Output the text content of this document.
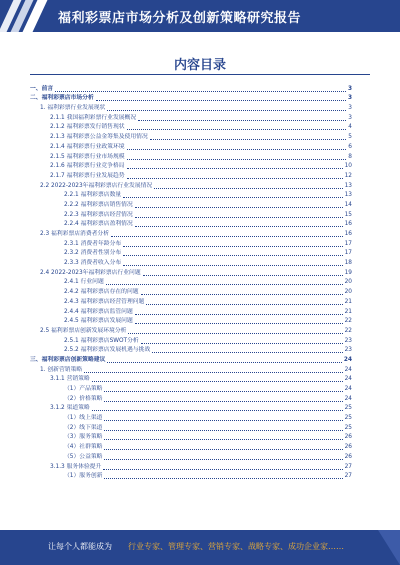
福利彩票店市场分析及创新策略研究报告
内容目录
一、前言	3
二、福利彩票店市场分析	3
1. 福利彩票行业发展现状	3
2.1.1 我国福利彩票行业发展概况	3
2.1.2 福利彩票发行销售现状	4
2.1.3 福利彩票公益金筹集及使用情况	5
2.1.4 福利彩票行业政策环境	6
2.1.5 福利彩票行业市场规模	8
2.1.6 福利彩票行业竞争格局	10
2.1.7 福利彩票行业发展趋势	12
2.2 2022-2023年福利彩票店行业发展情况	13
2.2.1 福利彩票店数量	13
2.2.2 福利彩票店销售情况	14
2.2.3 福利彩票店经营情况	15
2.2.4 福利彩票店盈利情况	16
2.3 福利彩票店消费者分析	16
2.3.1 消费者年龄分布	17
2.3.2 消费者性别分布	17
2.3.3 消费者收入分布	18
2.4 2022-2023年福利彩票店行业问题	19
2.4.1 行业问题	20
2.4.2 福利彩票店存在的问题	20
2.4.3 福利彩票店经营管理问题	21
2.4.4 福利彩票店监管问题	21
2.4.5 福利彩票店发展问题	22
2.5 福利彩票店创新发展环境分析	22
2.5.1 福利彩票店SWOT分析	23
2.5.2 福利彩票店发展机遇与挑战	23
三、福利彩票店创新策略建议	24
1. 创新营销策略	24
3.1.1 营销策略	24
（1）产品策略	24
（2）价格策略	24
3.1.2 渠道策略	25
（1）线上渠道	25
（2）线下渠道	25
（3）服务策略	26
（4）社群策略	26
（5）公益策略	26
3.1.3 服务体验提升	27
（1）服务创新	27
让每个人都能成为 行业专家、管理专家、营销专家、战略专家、成功企业家……
